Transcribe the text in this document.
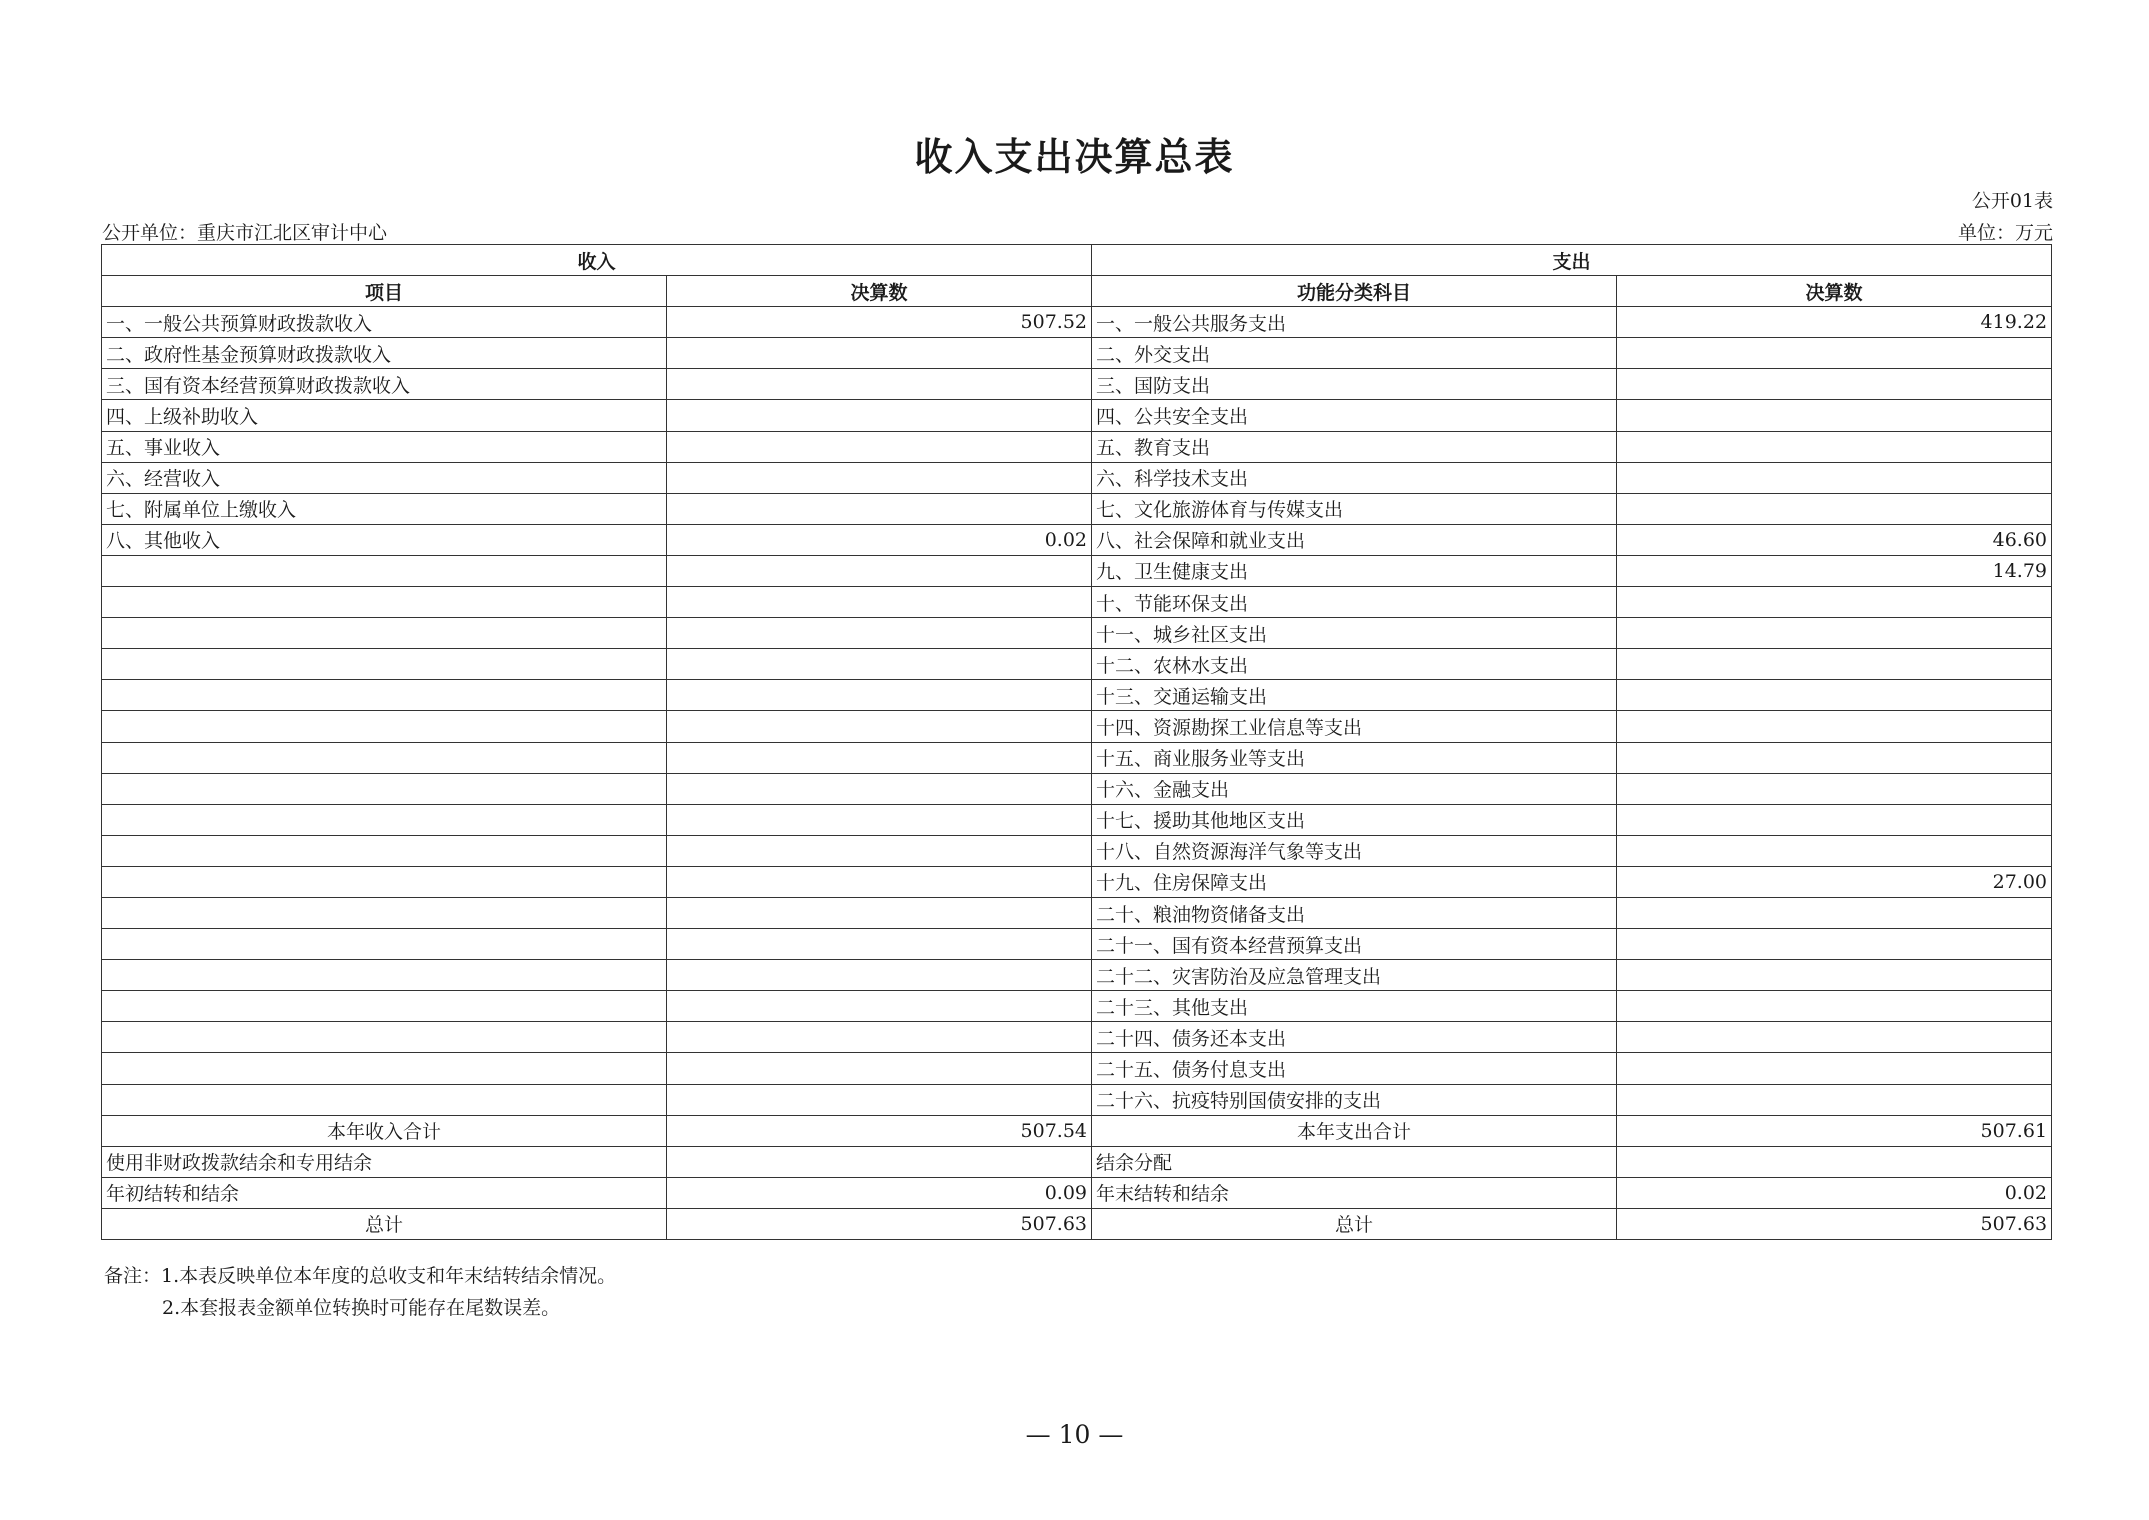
收入支出决算总表
公开01表
公开单位：重庆市江北区审计中心	单位：万元
收入		支出	
项目	决算数	功能分类科目	决算数
一、一般公共预算财政拨款收入	507.52	一、一般公共服务支出	419.22
二、政府性基金预算财政拨款收入		二、外交支出	
三、国有资本经营预算财政拨款收入		三、国防支出	
四、上级补助收入		四、公共安全支出	
五、事业收入		五、教育支出	
六、经营收入		六、科学技术支出	
七、附属单位上缴收入		七、文化旅游体育与传媒支出	
八、其他收入	0.02	八、社会保障和就业支出	46.60
		九、卫生健康支出	14.79
		十、节能环保支出	
		十一、城乡社区支出	
		十二、农林水支出	
		十三、交通运输支出	
		十四、资源勘探工业信息等支出	
		十五、商业服务业等支出	
		十六、金融支出	
		十七、援助其他地区支出	
		十八、自然资源海洋气象等支出	
		十九、住房保障支出	27.00
		二十、粮油物资储备支出	
		二十一、国有资本经营预算支出	
		二十二、灾害防治及应急管理支出	
		二十三、其他支出	
		二十四、债务还本支出	
		二十五、债务付息支出	
		二十六、抗疫特别国债安排的支出	
本年收入合计	507.54	本年支出合计	507.61
使用非财政拨款结余和专用结余		结余分配	
年初结转和结余	0.09	年末结转和结余	0.02
总计	507.63	总计	507.63
备注：1.本表反映单位本年度的总收支和年末结转结余情况。
2.本套报表金额单位转换时可能存在尾数误差。
— 10 —
